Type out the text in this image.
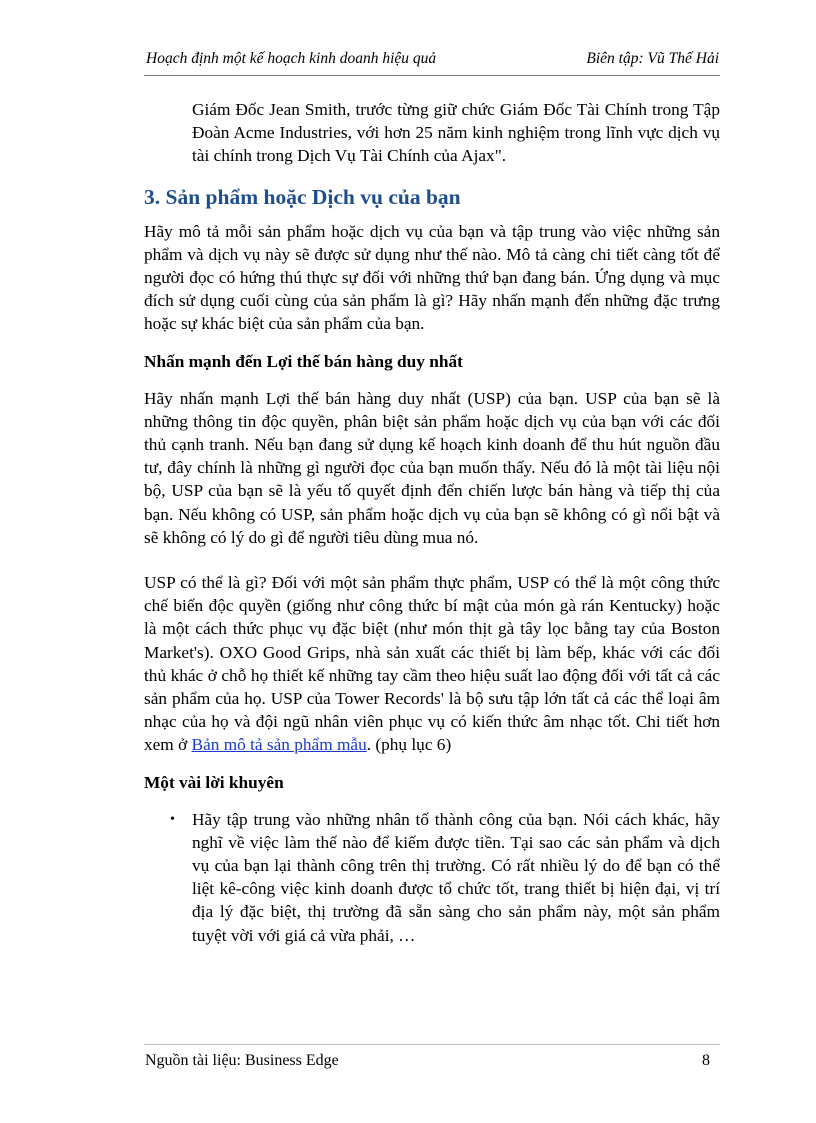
Hoạch định một kế hoạch kinh doanh hiệu quả	Biên tập: Vũ Thế Hải

Giám Đốc Jean Smith, trước từng giữ chức Giám Đốc Tài Chính trong Tập Đoàn Acme Industries, với hơn 25 năm kinh nghiệm trong lĩnh vực dịch vụ tài chính trong Dịch Vụ Tài Chính của Ajax".

3. Sản phẩm hoặc Dịch vụ của bạn

Hãy mô tả mỗi sản phẩm hoặc dịch vụ của bạn và tập trung vào việc những sản phẩm và dịch vụ này sẽ được sử dụng như thế nào. Mô tả càng chi tiết càng tốt để người đọc có hứng thú thực sự đối với những thứ bạn đang bán. Ứng dụng và mục đích sử dụng cuối cùng của sản phẩm là gì? Hãy nhấn mạnh đến những đặc trưng hoặc sự khác biệt của sản phẩm của bạn.

Nhấn mạnh đến Lợi thế bán hàng duy nhất

Hãy nhấn mạnh Lợi thế bán hàng duy nhất (USP) của bạn. USP của bạn sẽ là những thông tin độc quyền, phân biệt sản phẩm hoặc dịch vụ của bạn với các đối thủ cạnh tranh. Nếu bạn đang sử dụng kế hoạch kinh doanh để thu hút nguồn đầu tư, đây chính là những gì người đọc của bạn muốn thấy. Nếu đó là một tài liệu nội bộ, USP của bạn sẽ là yếu tố quyết định đến chiến lược bán hàng và tiếp thị của bạn. Nếu không có USP, sản phẩm hoặc dịch vụ của bạn sẽ không có gì nổi bật và sẽ không có lý do gì để người tiêu dùng mua nó.

USP có thể là gì? Đối với một sản phẩm thực phẩm, USP có thể là một công thức chế biến độc quyền (giống như công thức bí mật của món gà rán Kentucky) hoặc là một cách thức phục vụ đặc biệt (như món thịt gà tây lọc bằng tay của Boston Market's). OXO Good Grips, nhà sản xuất các thiết bị làm bếp, khác với các đối thủ khác ở chỗ họ thiết kế những tay cầm theo hiệu suất lao động đối với tất cả các sản phẩm của họ. USP của Tower Records' là bộ sưu tập lớn tất cả các thể loại âm nhạc của họ và đội ngũ nhân viên phục vụ có kiến thức âm nhạc tốt. Chi tiết hơn xem ở Bản mô tả sản phẩm mẫu. (phụ lục 6)

Một vài lời khuyên
• Hãy tập trung vào những nhân tố thành công của bạn. Nói cách khác, hãy nghĩ về việc làm thế nào để kiếm được tiền. Tại sao các sản phẩm và dịch vụ của bạn lại thành công trên thị trường. Có rất nhiều lý do để bạn có thể liệt kê-công việc kinh doanh được tổ chức tốt, trang thiết bị hiện đại, vị trí địa lý đặc biệt, thị trường đã sẵn sàng cho sản phẩm này, một sản phẩm tuyệt vời với giá cả vừa phải, …

Nguồn tài liệu: Business Edge	8
